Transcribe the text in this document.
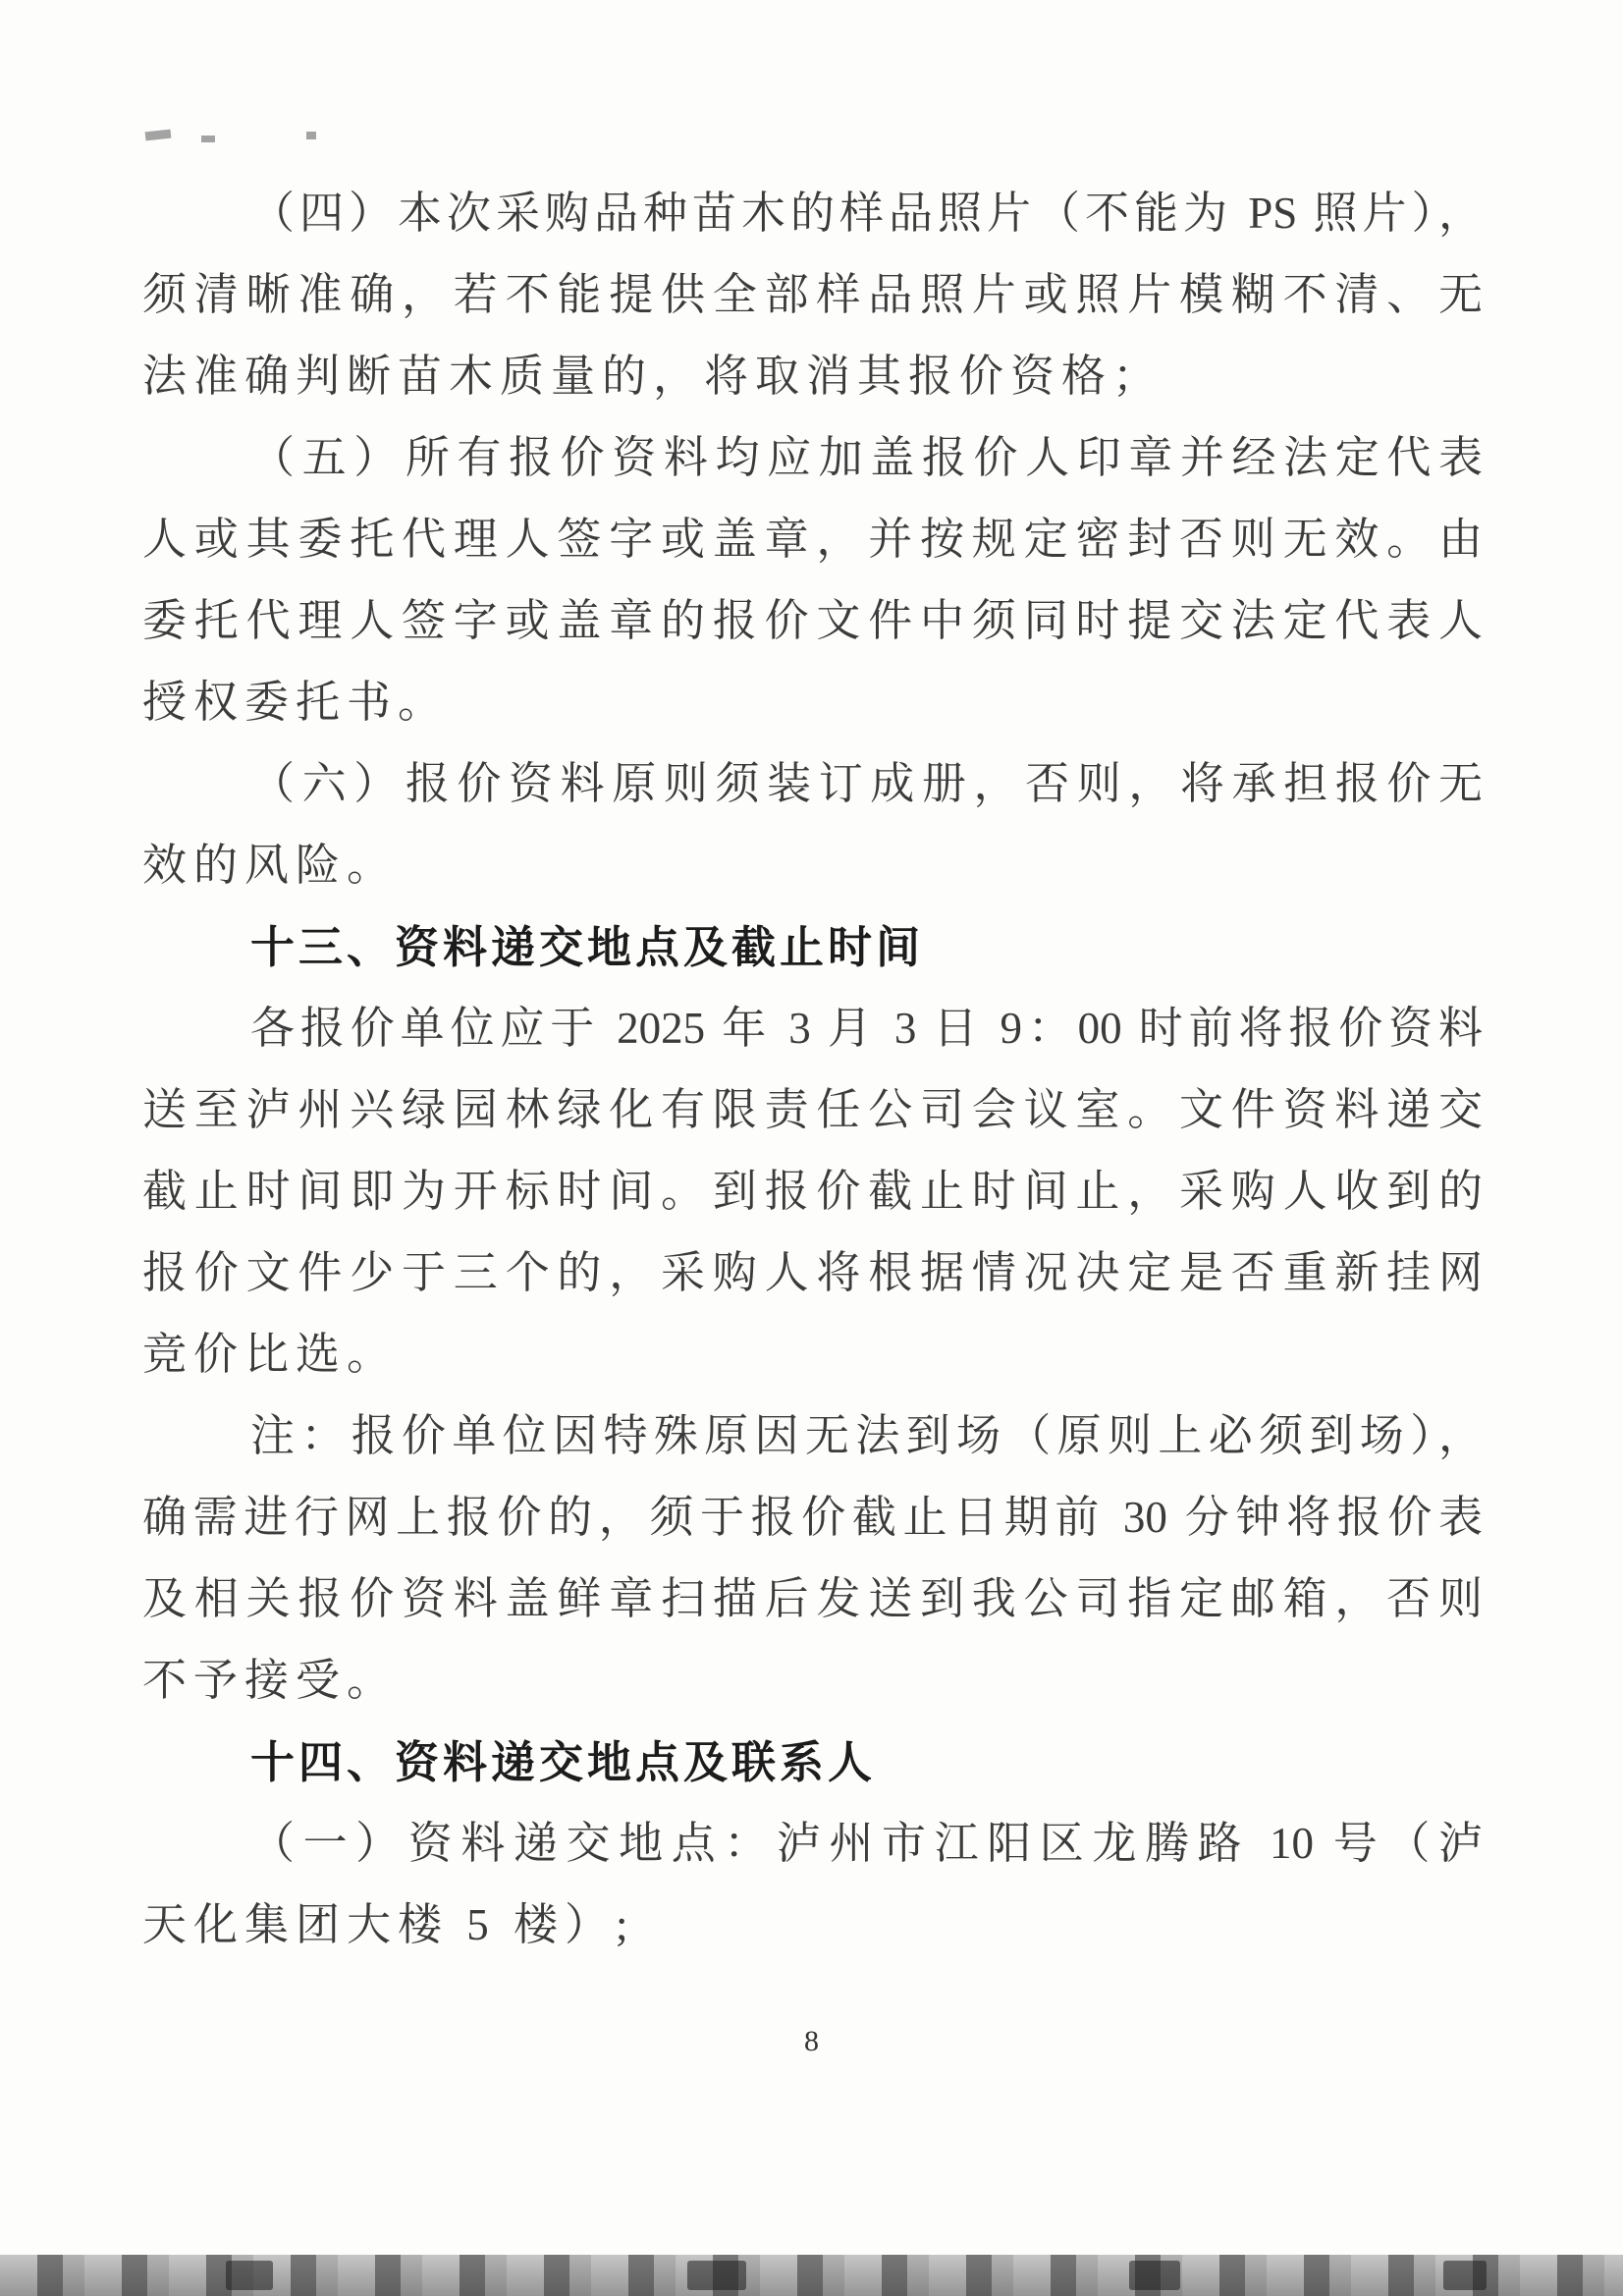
（四）本次采购品种苗木的样品照片（不能为 PS 照片），

须清晰准确，若不能提供全部样品照片或照片模糊不清、无

法准确判断苗木质量的，将取消其报价资格；

（五）所有报价资料均应加盖报价人印章并经法定代表

人或其委托代理人签字或盖章，并按规定密封否则无效。由

委托代理人签字或盖章的报价文件中须同时提交法定代表人

授权委托书。

（六）报价资料原则须装订成册，否则，将承担报价无

效的风险。

十三、资料递交地点及截止时间

各报价单位应于 2025 年 3 月 3 日 9：00 时前将报价资料

送至泸州兴绿园林绿化有限责任公司会议室。文件资料递交

截止时间即为开标时间。到报价截止时间止，采购人收到的

报价文件少于三个的，采购人将根据情况决定是否重新挂网

竞价比选。

注：报价单位因特殊原因无法到场（原则上必须到场），

确需进行网上报价的，须于报价截止日期前 30 分钟将报价表

及相关报价资料盖鲜章扫描后发送到我公司指定邮箱，否则

不予接受。

十四、资料递交地点及联系人

（一）资料递交地点：泸州市江阳区龙腾路 10 号（泸

天化集团大楼 5 楼）;

8
